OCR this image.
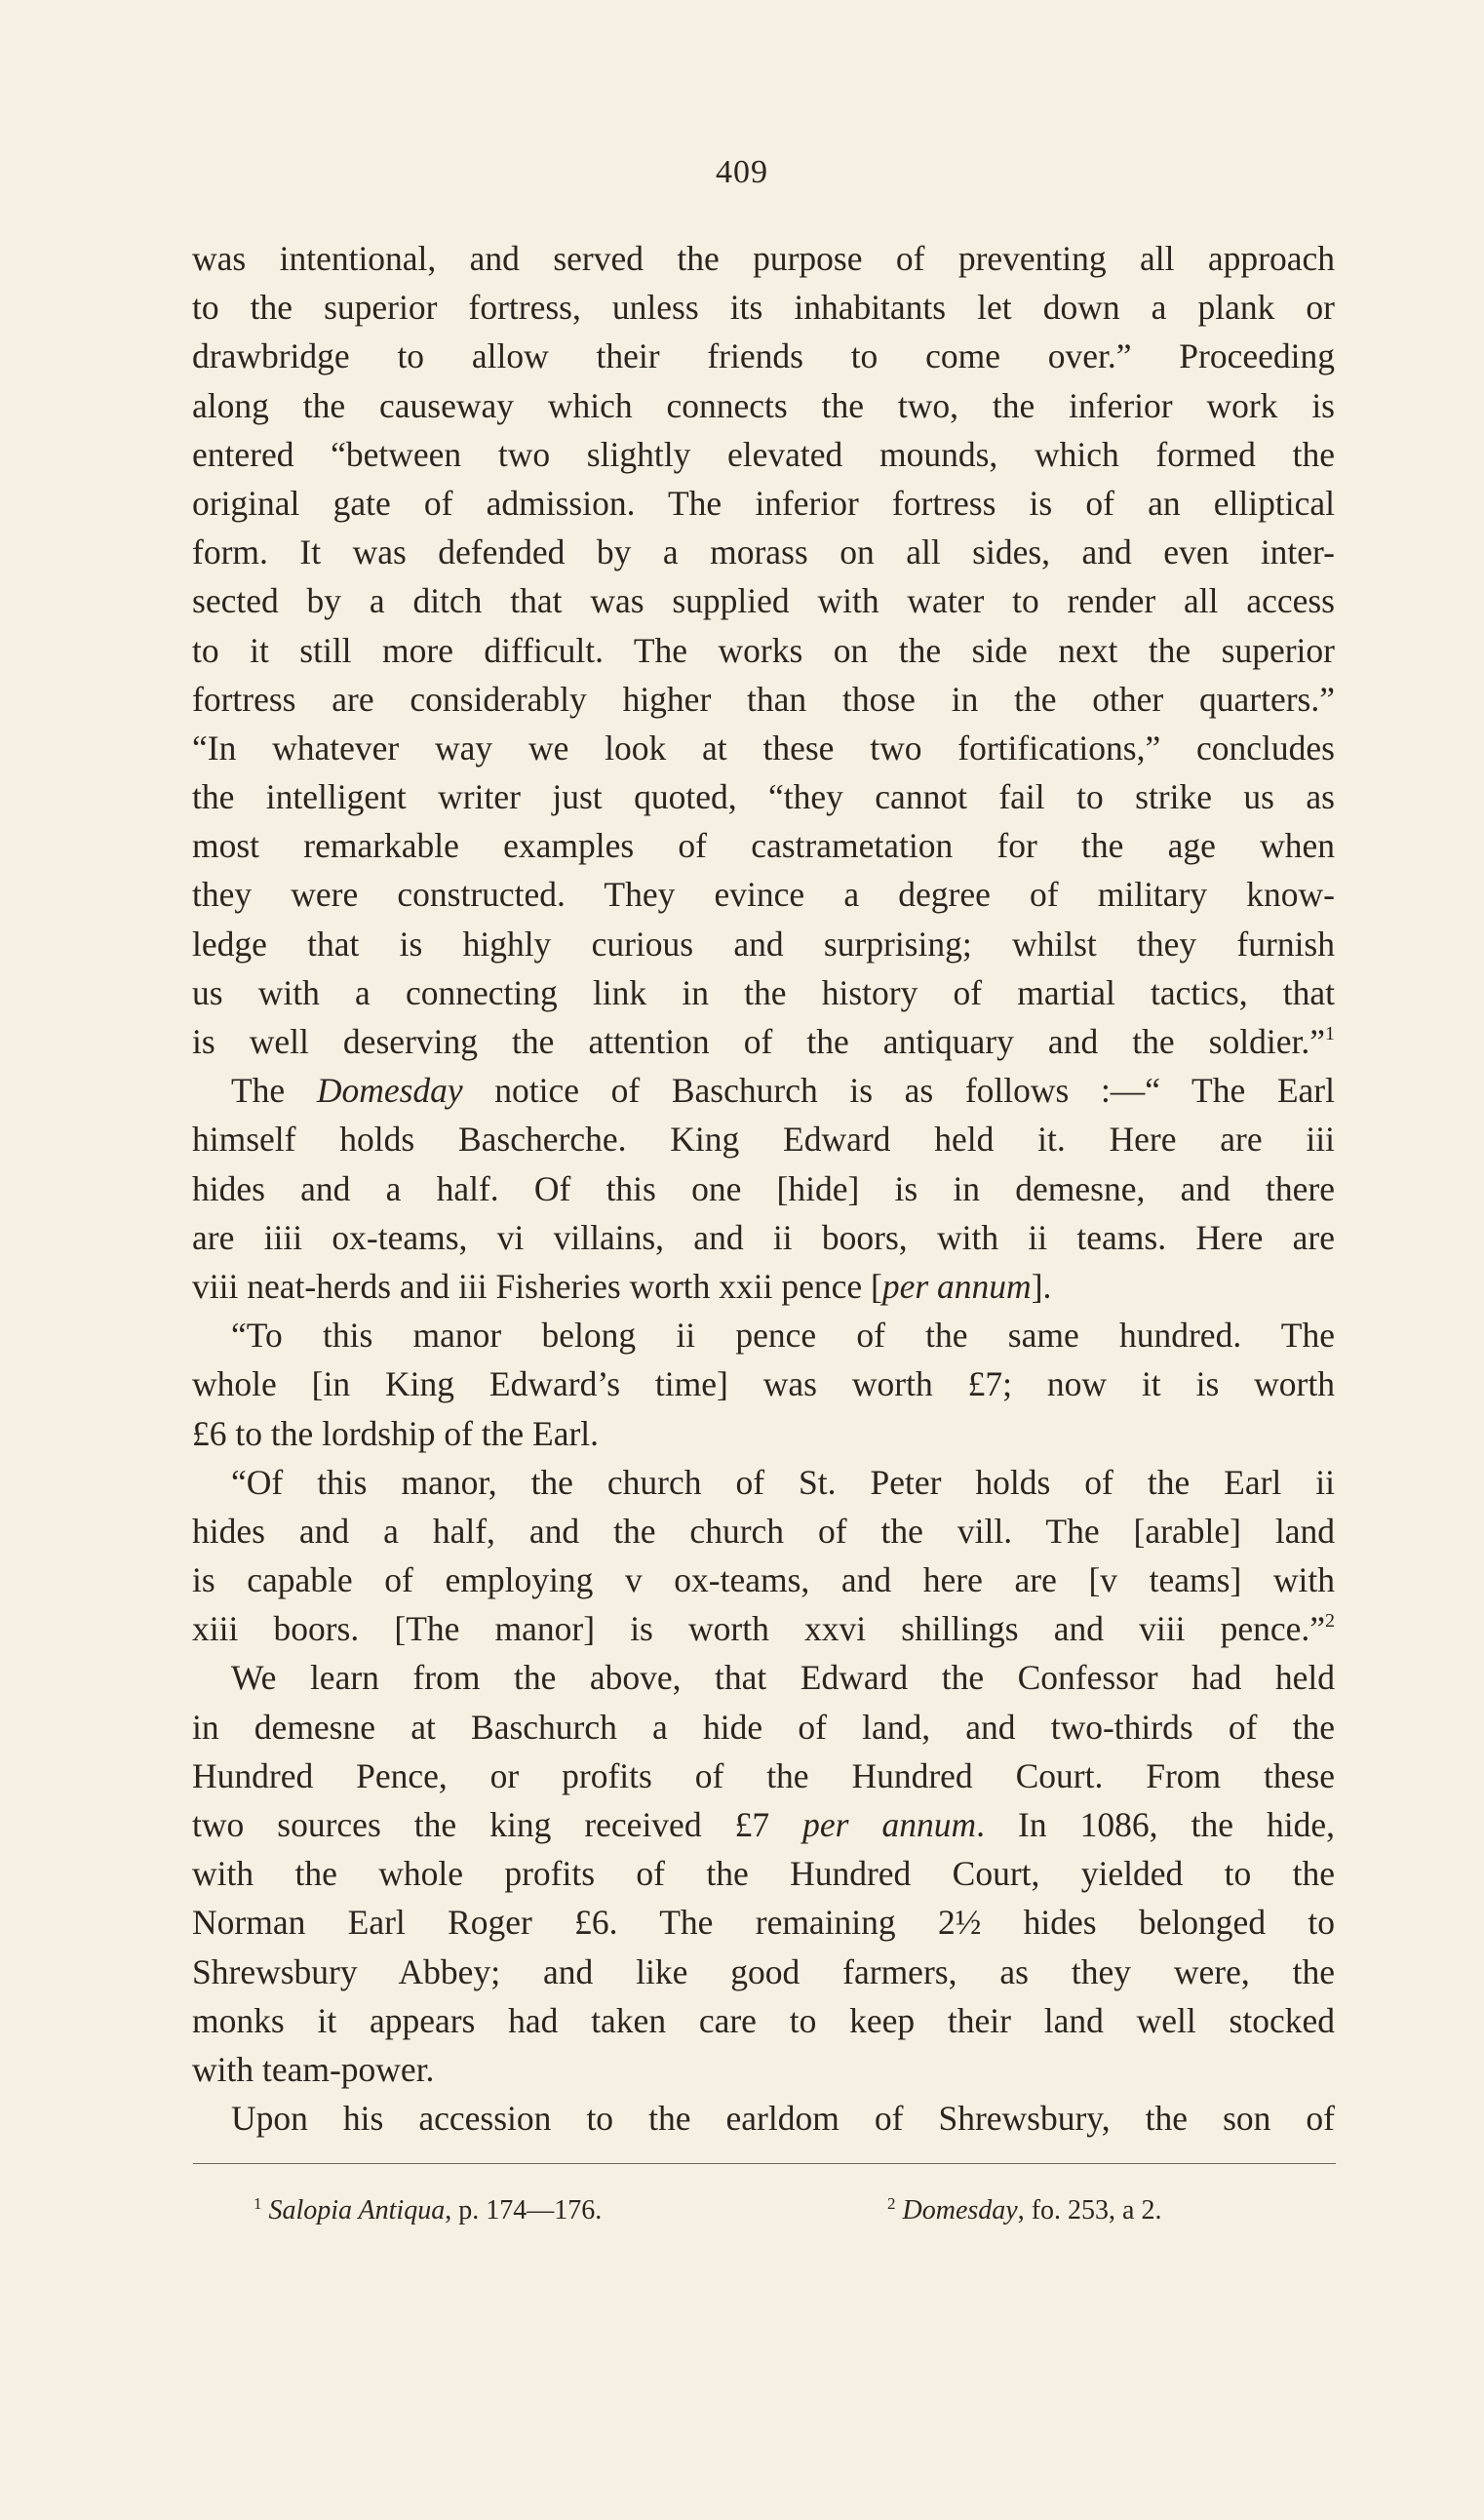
409
was intentional, and served the purpose of preventing all approach
to the superior fortress, unless its inhabitants let down a plank or
drawbridge to allow their friends to come over.” Proceeding
along the causeway which connects the two, the inferior work is
entered “between two slightly elevated mounds, which formed the
original gate of admission. The inferior fortress is of an elliptical
form. It was defended by a morass on all sides, and even inter-
sected by a ditch that was supplied with water to render all access
to it still more difficult. The works on the side next the superior
fortress are considerably higher than those in the other quarters.”
“In whatever way we look at these two fortifications,” concludes
the intelligent writer just quoted, “they cannot fail to strike us as
most remarkable examples of castrametation for the age when
they were constructed. They evince a degree of military know-
ledge that is highly curious and surprising; whilst they furnish
us with a connecting link in the history of martial tactics, that
is well deserving the attention of the antiquary and the soldier.”$^1$
The Domesday notice of Baschurch is as follows :—“ The Earl
himself holds Bascherche. King Edward held it. Here are iii
hides and a half. Of this one [hide] is in demesne, and there
are iiii ox-teams, vi villains, and ii boors, with ii teams. Here are
viii neat-herds and iii Fisheries worth xxii pence [per annum].
“To this manor belong ii pence of the same hundred. The
whole [in King Edward’s time] was worth £7; now it is worth
£6 to the lordship of the Earl.
“Of this manor, the church of St. Peter holds of the Earl ii
hides and a half, and the church of the vill. The [arable] land
is capable of employing v ox-teams, and here are [v teams] with
xiii boors. [The manor] is worth xxvi shillings and viii pence.”$^2$
We learn from the above, that Edward the Confessor had held
in demesne at Baschurch a hide of land, and two-thirds of the
Hundred Pence, or profits of the Hundred Court. From these
two sources the king received £7 per annum. In 1086, the hide,
with the whole profits of the Hundred Court, yielded to the
Norman Earl Roger £6. The remaining 2½ hides belonged to
Shrewsbury Abbey; and like good farmers, as they were, the
monks it appears had taken care to keep their land well stocked
with team-power.
Upon his accession to the earldom of Shrewsbury, the son of
$^1$ Salopia Antiqua, p. 174—176.	$^2$ Domesday, fo. 253, a 2.
